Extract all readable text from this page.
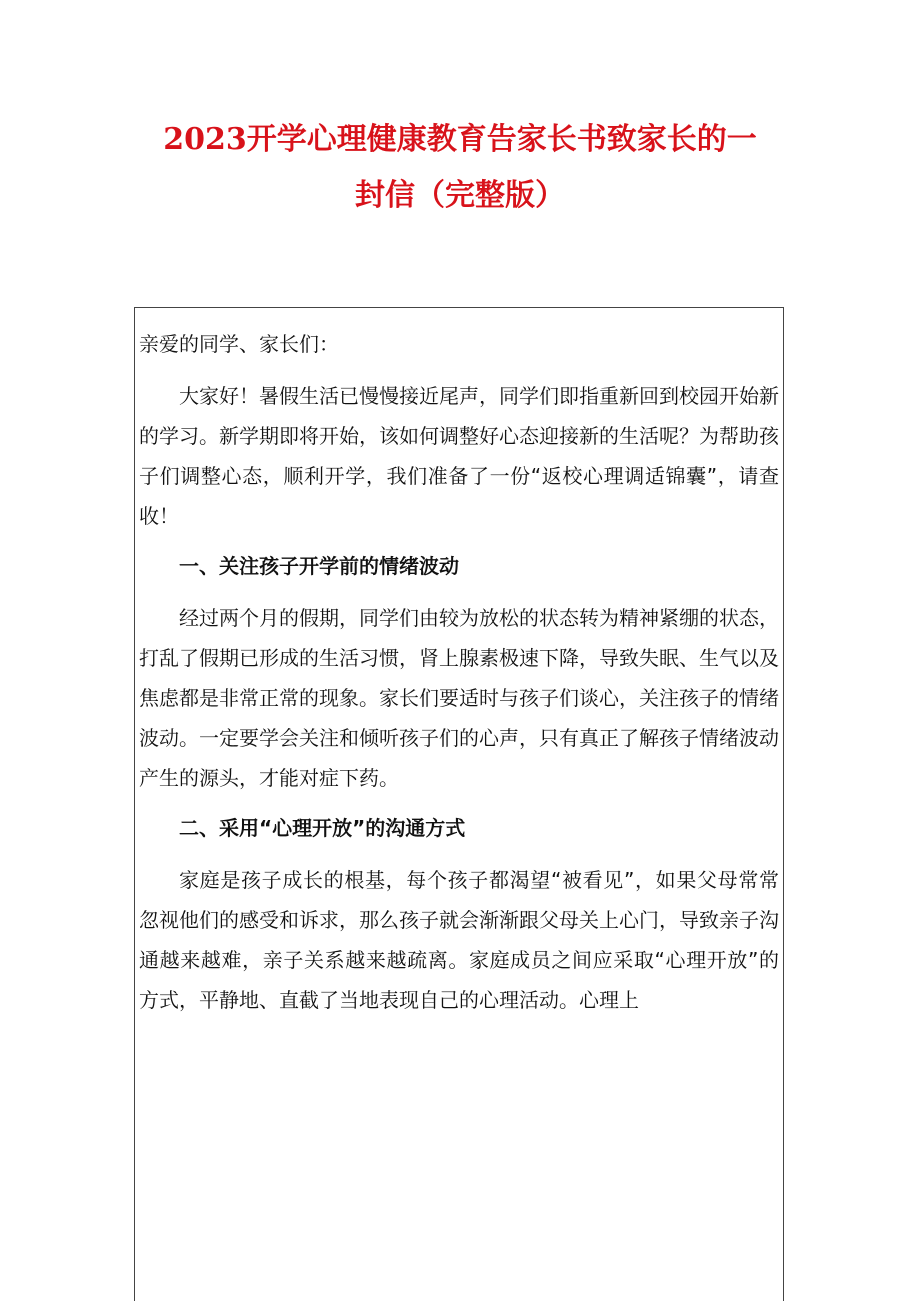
2023开学心理健康教育告家长书致家长的一
封信（完整版）

亲爱的同学、家长们：

大家好！暑假生活已慢慢接近尾声，同学们即指重新回到校园开始新的学习。新学期即将开始，该如何调整好心态迎接新的生活呢？为帮助孩子们调整心态，顺利开学，我们准备了一份“返校心理调适锦囊”，请查收！

一、关注孩子开学前的情绪波动

经过两个月的假期，同学们由较为放松的状态转为精神紧绷的状态，打乱了假期已形成的生活习惯，肾上腺素极速下降，导致失眠、生气以及焦虑都是非常正常的现象。家长们要适时与孩子们谈心，关注孩子的情绪波动。一定要学会关注和倾听孩子们的心声，只有真正了解孩子情绪波动产生的源头，才能对症下药。

二、采用“心理开放”的沟通方式

家庭是孩子成长的根基，每个孩子都渴望“被看见”，如果父母常常忽视他们的感受和诉求，那么孩子就会渐渐跟父母关上心门，导致亲子沟通越来越难，亲子关系越来越疏离。家庭成员之间应采取“心理开放”的方式，平静地、直截了当地表现自己的心理活动。心理上
